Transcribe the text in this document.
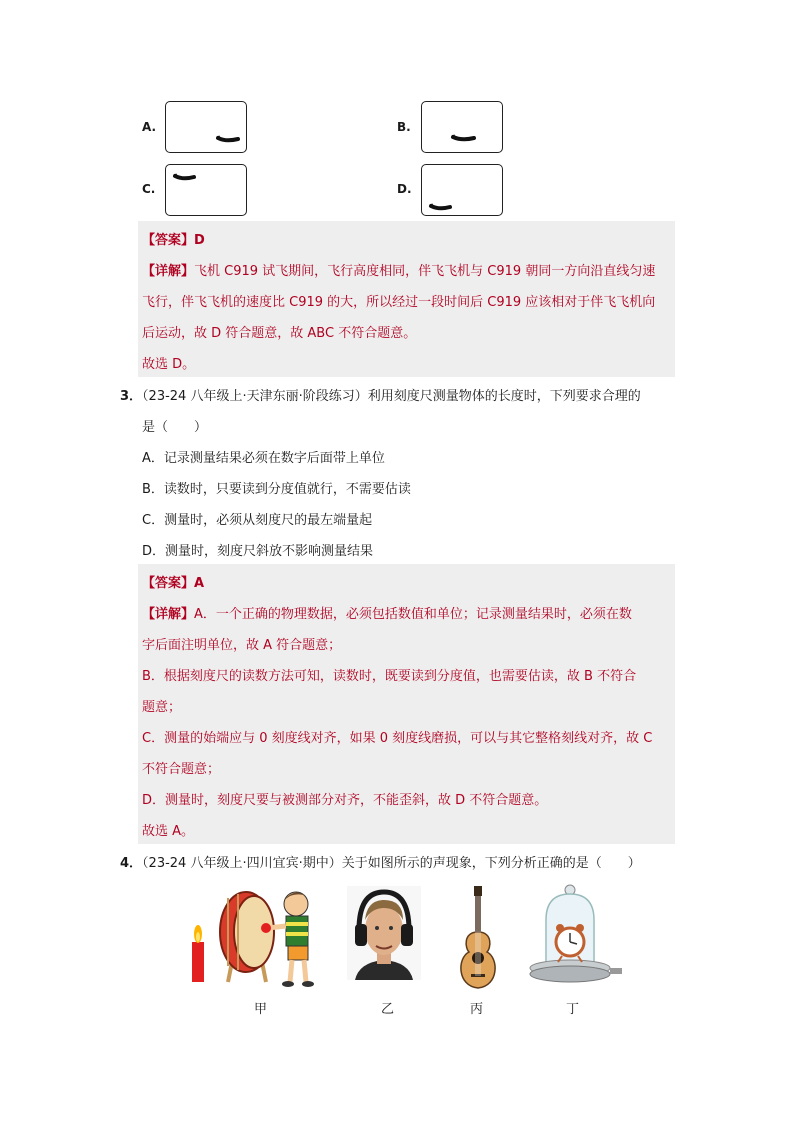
A.	B.
C.	D.
【答案】D
【详解】飞机 C919 试飞期间，飞行高度相同，伴飞飞机与 C919 朝同一方向沿直线匀速
飞行，伴飞飞机的速度比 C919 的大，所以经过一段时间后 C919 应该相对于伴飞飞机向
后运动，故 D 符合题意，故 ABC 不符合题意。
故选 D。
3．（23-24 八年级上·天津东丽·阶段练习）利用刻度尺测量物体的长度时，下列要求合理的
是（　　）
A．记录测量结果必须在数字后面带上单位
B．读数时，只要读到分度值就行，不需要估读
C．测量时，必须从刻度尺的最左端量起
D．测量时，刻度尺斜放不影响测量结果
【答案】A
【详解】A．一个正确的物理数据，必须包括数值和单位；记录测量结果时，必须在数
字后面注明单位，故 A 符合题意；
B．根据刻度尺的读数方法可知，读数时，既要读到分度值，也需要估读，故 B 不符合
题意；
C．测量的始端应与 0 刻度线对齐，如果 0 刻度线磨损，可以与其它整格刻线对齐，故 C
不符合题意；
D．测量时，刻度尺要与被测部分对齐，不能歪斜，故 D 不符合题意。
故选 A。
4．（23-24 八年级上·四川宜宾·期中）关于如图所示的声现象，下列分析正确的是（　　）
甲	乙	丙	丁
